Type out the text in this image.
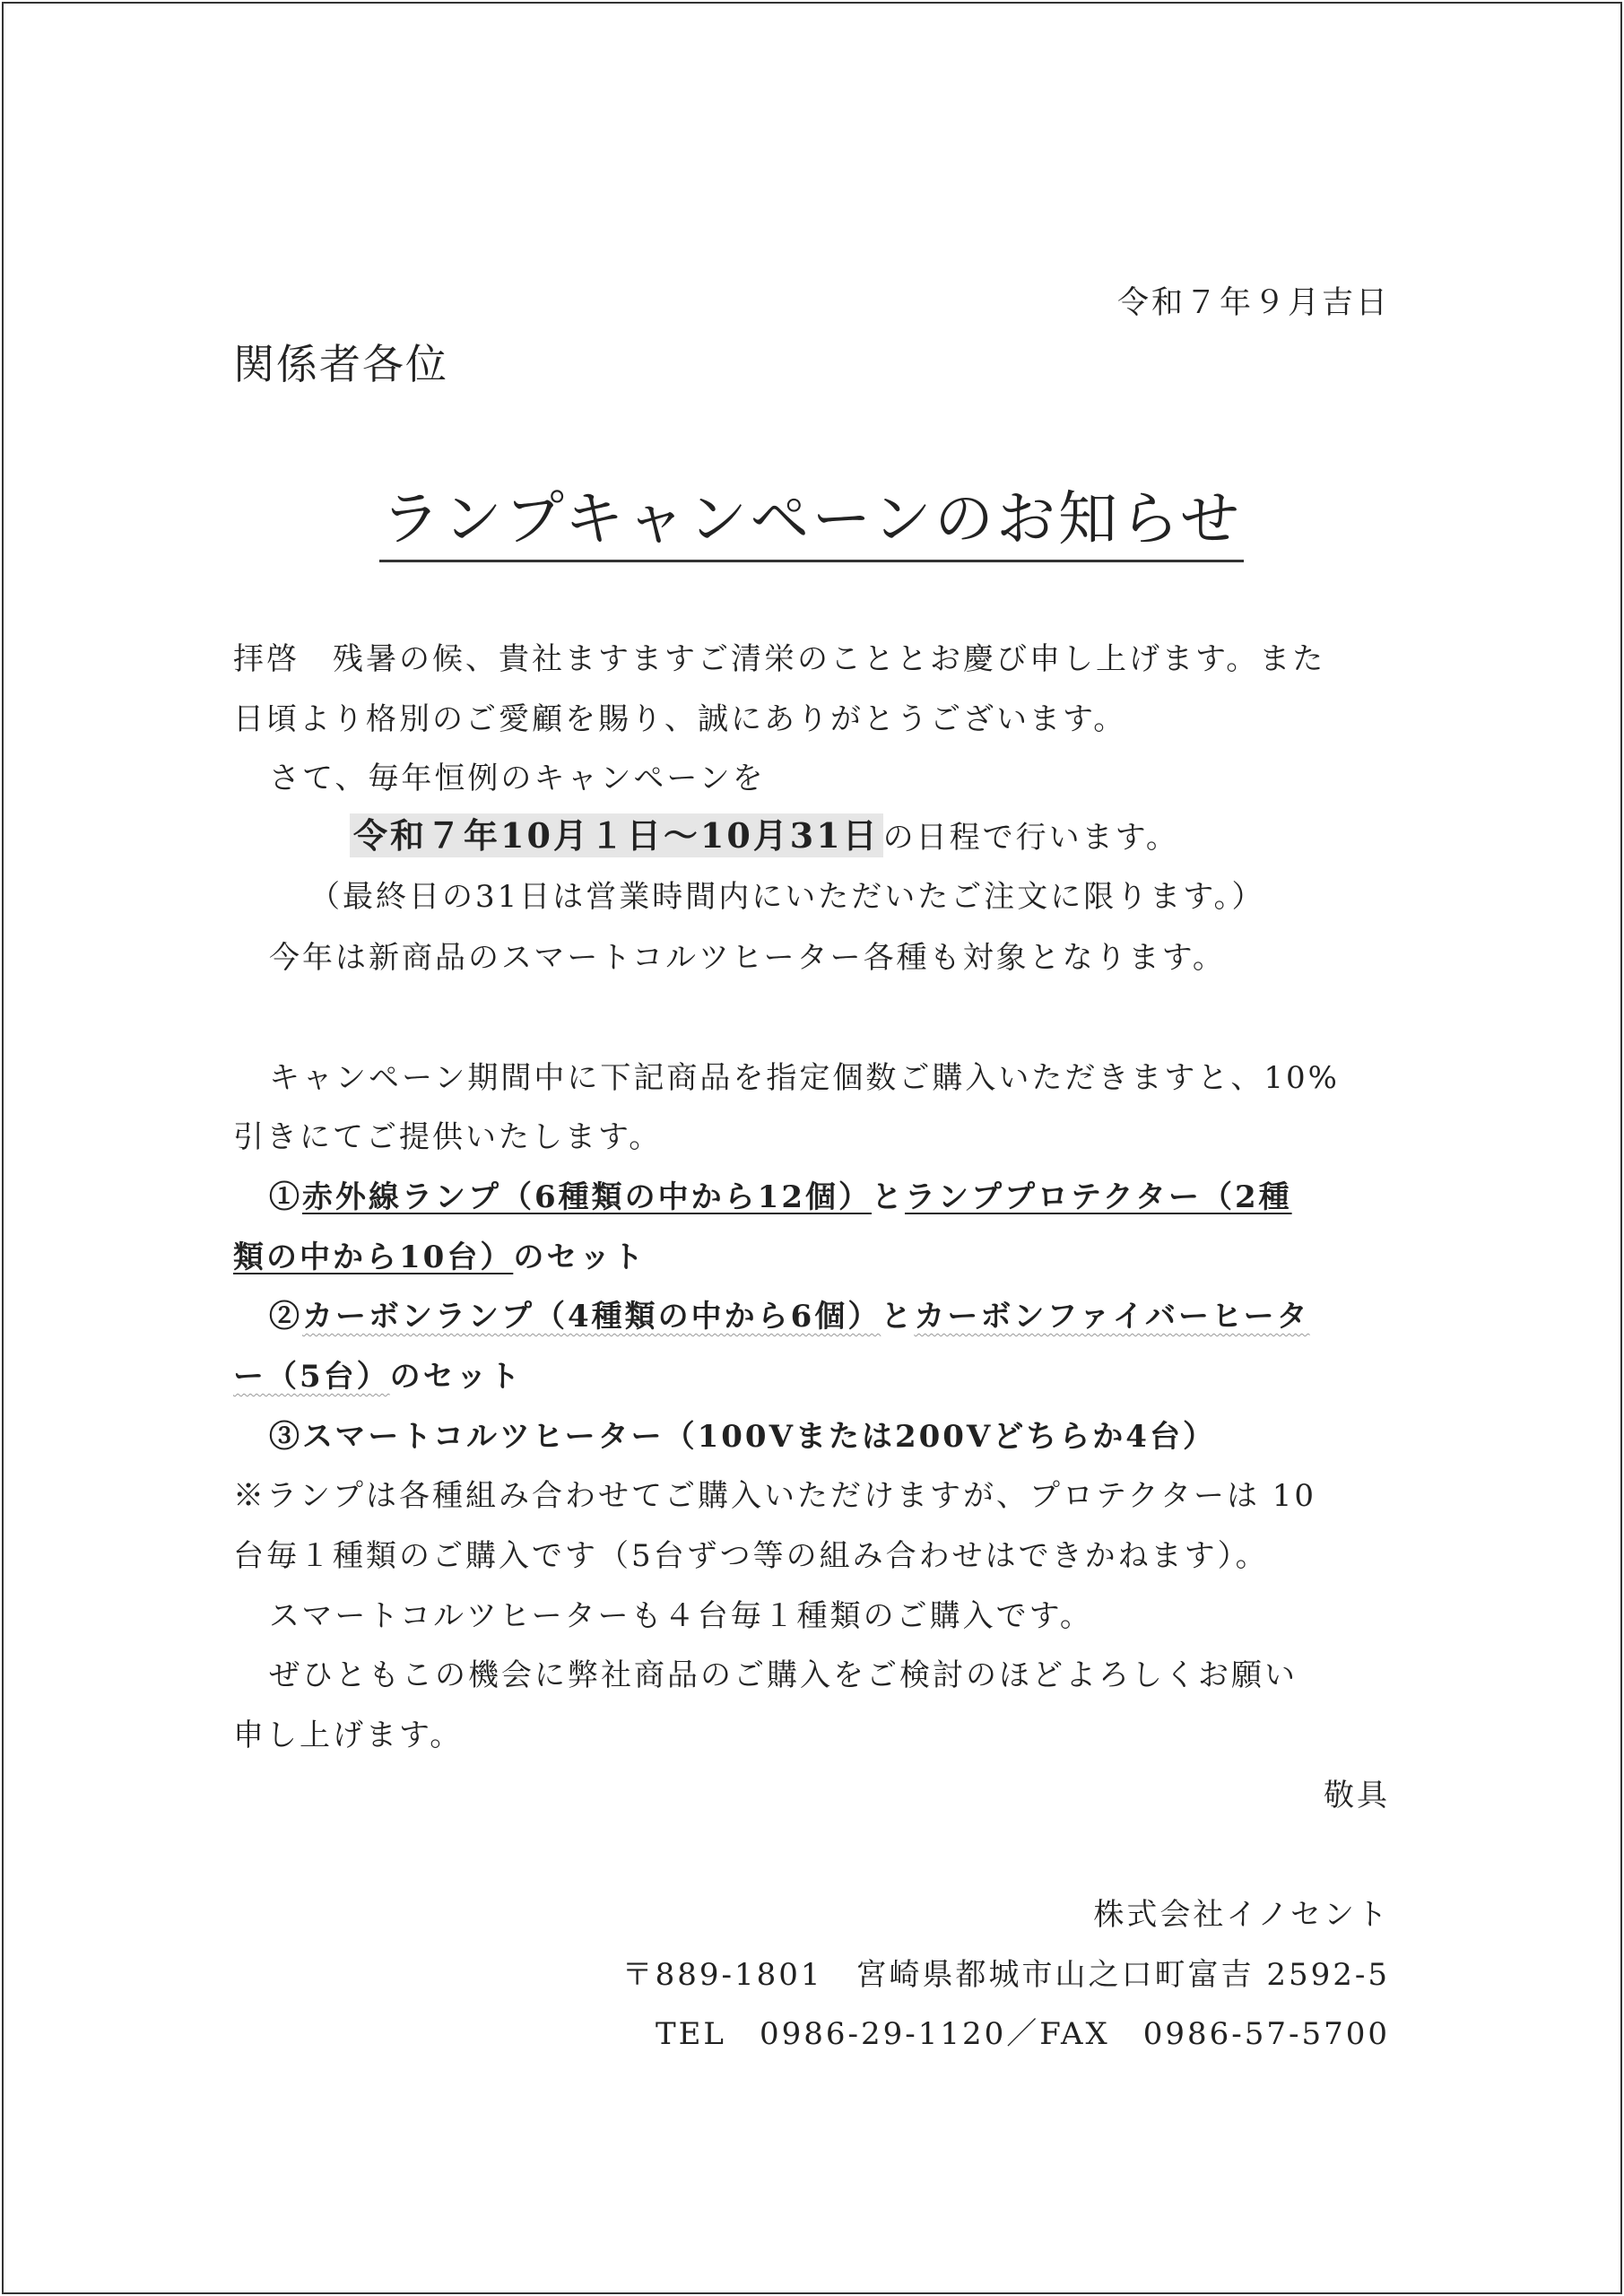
令和７年９月吉日
関係者各位
ランプキャンペーンのお知らせ
拝啓　残暑の候、貴社ますますご清栄のこととお慶び申し上げます。また
日頃より格別のご愛顧を賜り、誠にありがとうございます。
さて、毎年恒例のキャンペーンを
令和７年10月１日～10月31日 の日程で行います。
（最終日の31日は営業時間内にいただいたご注文に限ります。）
今年は新商品のスマートコルツヒーター各種も対象となります。
キャンペーン期間中に下記商品を指定個数ご購入いただきますと、10%
引きにてご提供いたします。
①赤外線ランプ（6種類の中から12個）とランププロテクター（2種
類の中から10台）のセット
②カーボンランプ（4種類の中から6個）とカーボンファイバーヒータ
ー（5台）のセット
③スマートコルツヒーター（100Vまたは200Vどちらか4台）
※ランプは各種組み合わせてご購入いただけますが、プロテクターは 10
台毎１種類のご購入です（5台ずつ等の組み合わせはできかねます）。
スマートコルツヒーターも４台毎１種類のご購入です。
ぜひともこの機会に弊社商品のご購入をご検討のほどよろしくお願い
申し上げます。
敬具
株式会社イノセント
〒889-1801　宮崎県都城市山之口町富吉 2592-5
TEL　0986-29-1120／FAX　0986-57-5700
